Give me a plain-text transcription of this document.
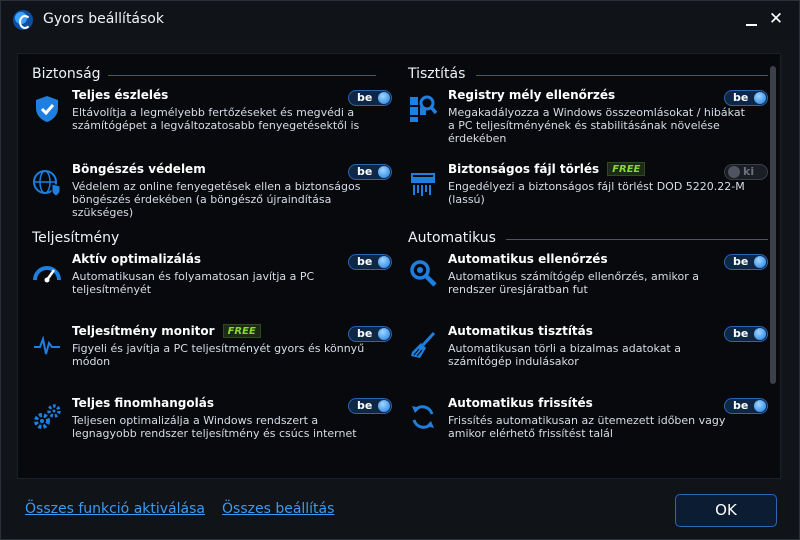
Gyors beállítások	✕
Biztonság
Teljes észlelés
Eltávolítja a legmélyebb fertőzéseket és megvédi a számítógépet a legváltozatosabb fenyegetésektől is
be
Böngészés védelem
Védelem az online fenyegetések ellen a biztonságos böngészés érdekében (a böngésző újraindítása szükséges)
be
Teljesítmény
Aktív optimalizálás
Automatikusan és folyamatosan javítja a PC teljesítményét
be
Teljesítmény monitor FREE
Figyeli és javítja a PC teljesítményét gyors és könnyű módon
be
Teljes finomhangolás
Teljesen optimalizálja a Windows rendszert a legnagyobb rendszer teljesítmény és csúcs internet
be
Tisztítás
Registry mély ellenőrzés
Megakadályozza a Windows összeomlásokat / hibákat a PC teljesítményének és stabilitásának növelése érdekében
be
Biztonságos fájl törlés FREE
Engedélyezi a biztonságos fájl törlést DOD 5220.22-M (lassú)
ki
Automatikus
Automatikus ellenőrzés
Automatikus számítógép ellenőrzés, amikor a rendszer üresjáratban fut
be
Automatikus tisztítás
Automatikusan törli a bizalmas adatokat a számítógép indulásakor
be
Automatikus frissítés
Frissítés automatikusan az ütemezett időben vagy amikor elérhető frissítést talál
be
Összes funkció aktiválása Összes beállítás	OK
